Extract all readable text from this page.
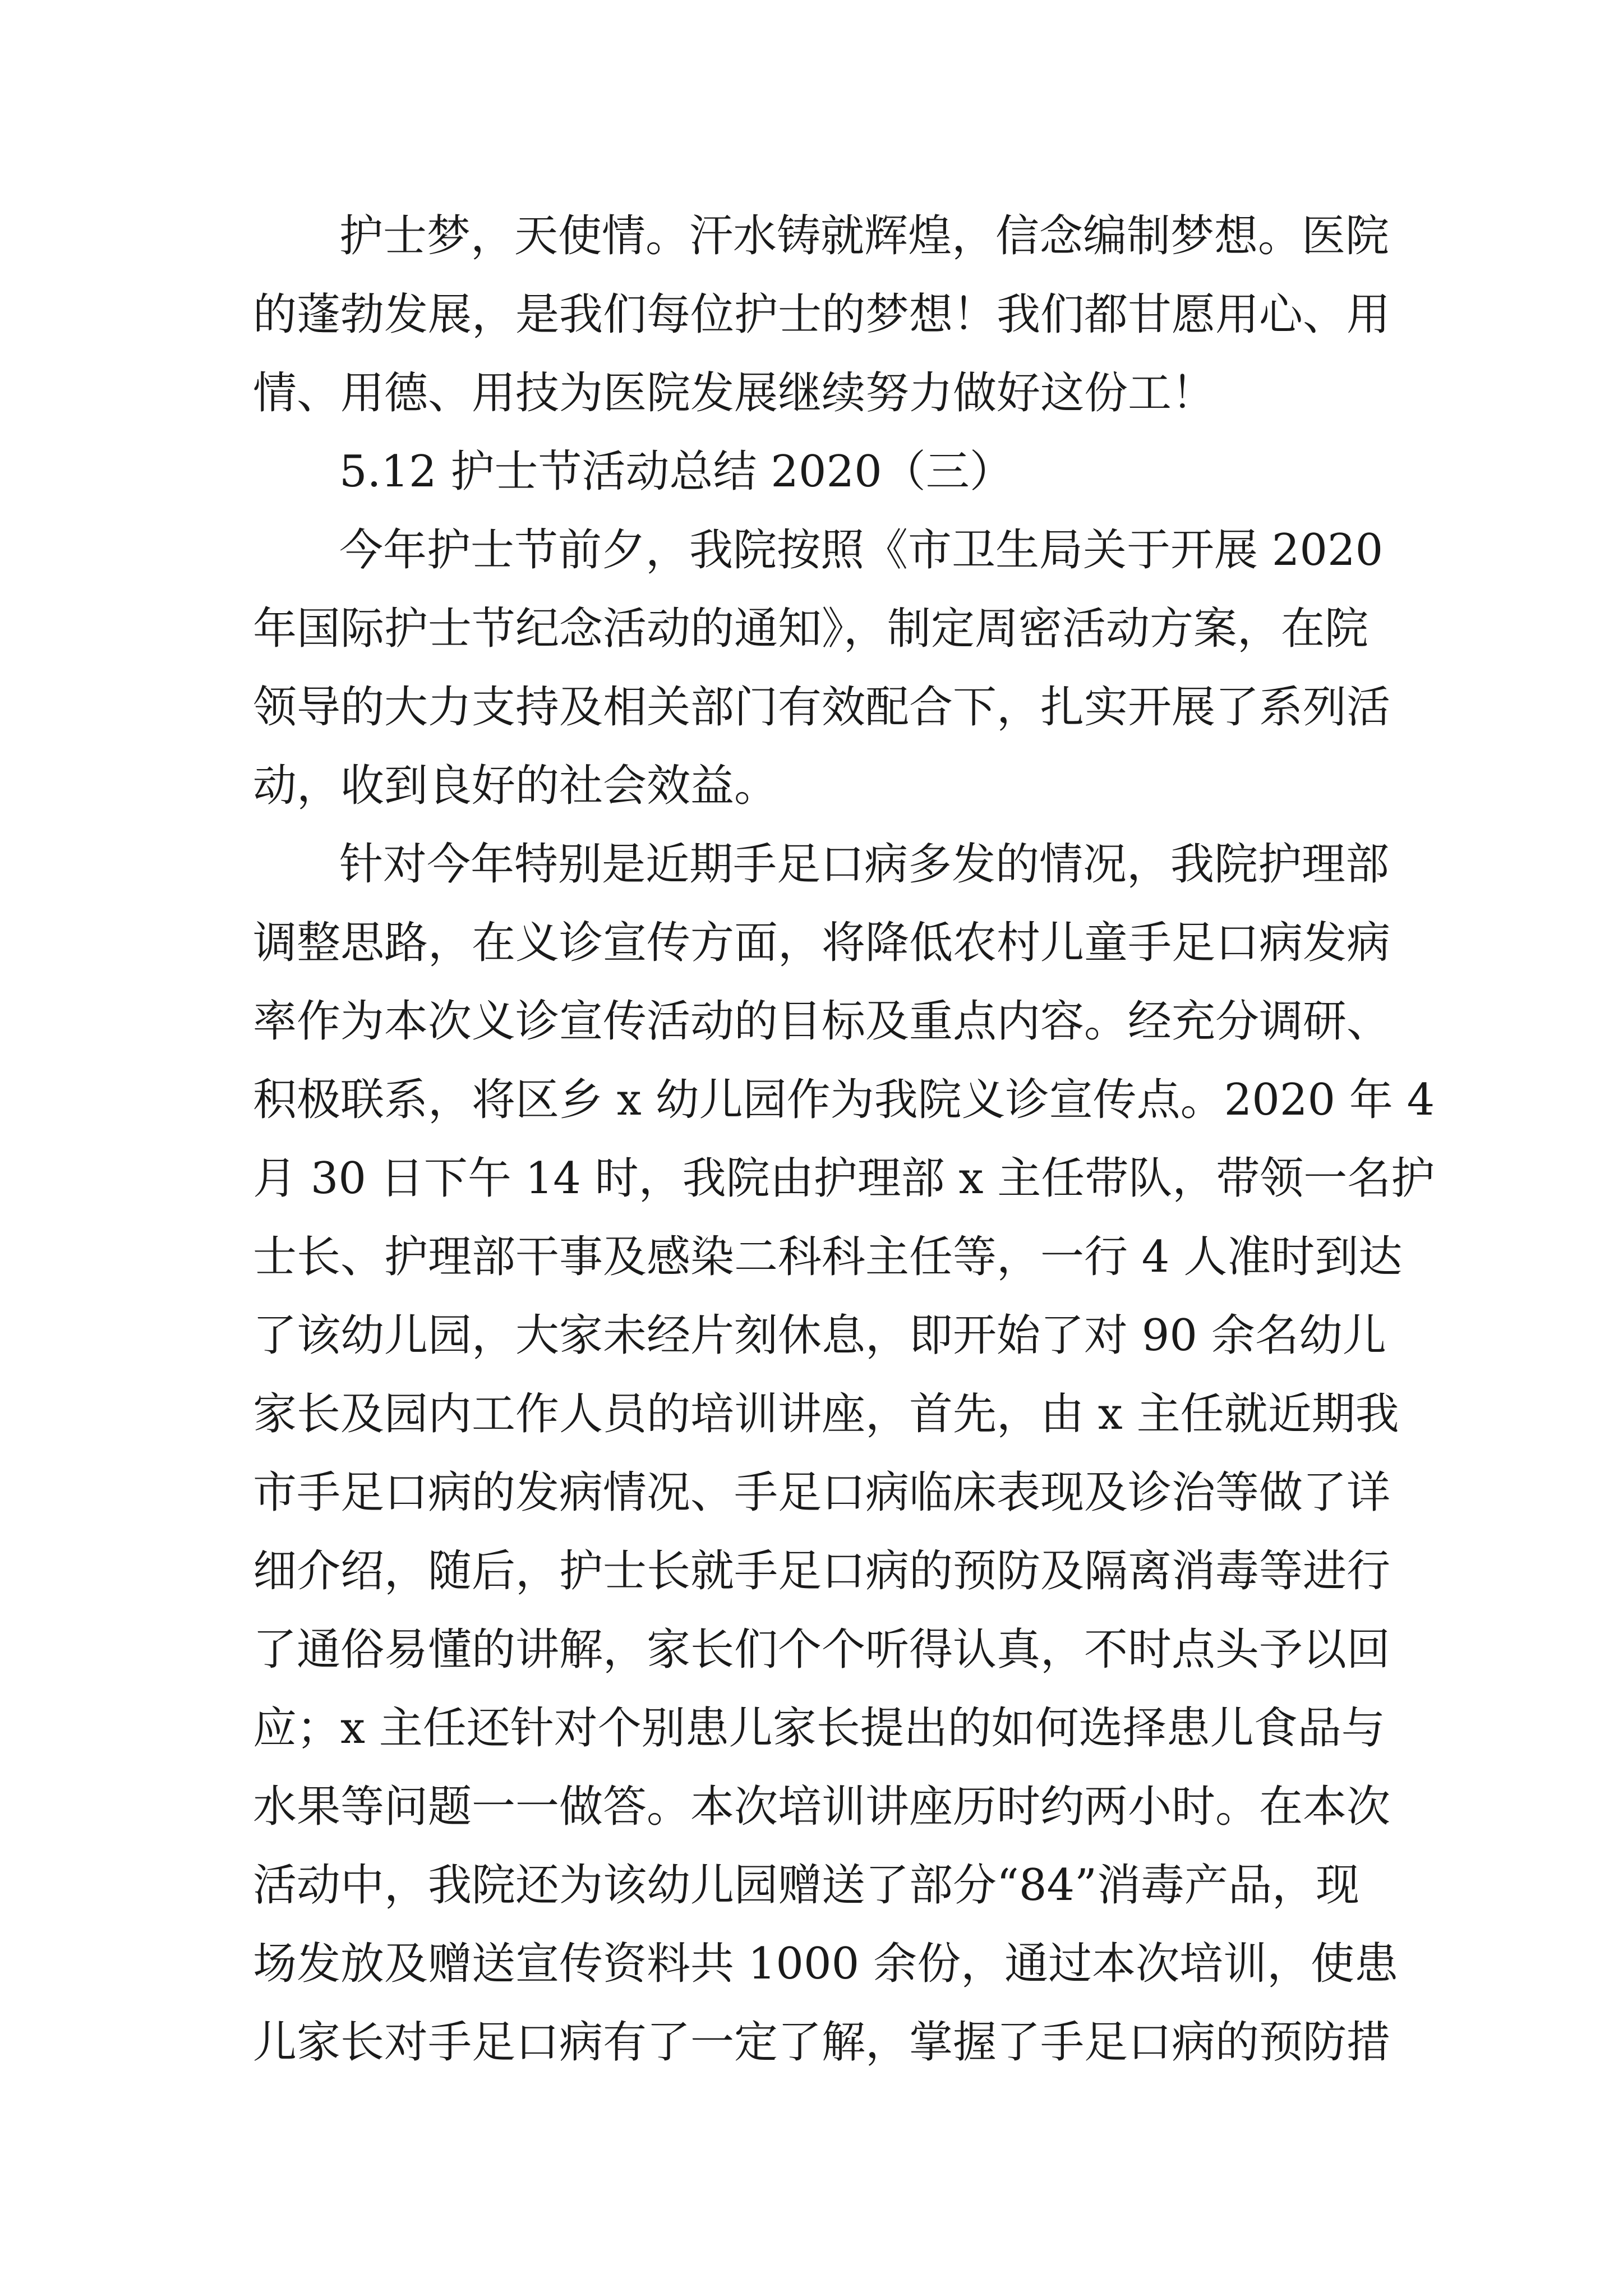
护士梦，天使情。汗水铸就辉煌，信念编制梦想。医院
的蓬勃发展，是我们每位护士的梦想！我们都甘愿用心、用
情、用德、用技为医院发展继续努力做好这份工！
5.12 护士节活动总结 2020（三）
今年护士节前夕，我院按照《市卫生局关于开展 2020
年国际护士节纪念活动的通知》，制定周密活动方案，在院
领导的大力支持及相关部门有效配合下，扎实开展了系列活
动，收到良好的社会效益。
针对今年特别是近期手足口病多发的情况，我院护理部
调整思路，在义诊宣传方面，将降低农村儿童手足口病发病
率作为本次义诊宣传活动的目标及重点内容。经充分调研、
积极联系，将区乡 x 幼儿园作为我院义诊宣传点。2020 年 4
月 30 日下午 14 时，我院由护理部 x 主任带队，带领一名护
士长、护理部干事及感染二科科主任等，一行 4 人准时到达
了该幼儿园，大家未经片刻休息，即开始了对 90 余名幼儿
家长及园内工作人员的培训讲座，首先，由 x 主任就近期我
市手足口病的发病情况、手足口病临床表现及诊治等做了详
细介绍，随后，护士长就手足口病的预防及隔离消毒等进行
了通俗易懂的讲解，家长们个个听得认真，不时点头予以回
应；x 主任还针对个别患儿家长提出的如何选择患儿食品与
水果等问题一一做答。本次培训讲座历时约两小时。在本次
活动中，我院还为该幼儿园赠送了部分“84”消毒产品，现
场发放及赠送宣传资料共 1000 余份，通过本次培训，使患
儿家长对手足口病有了一定了解，掌握了手足口病的预防措
